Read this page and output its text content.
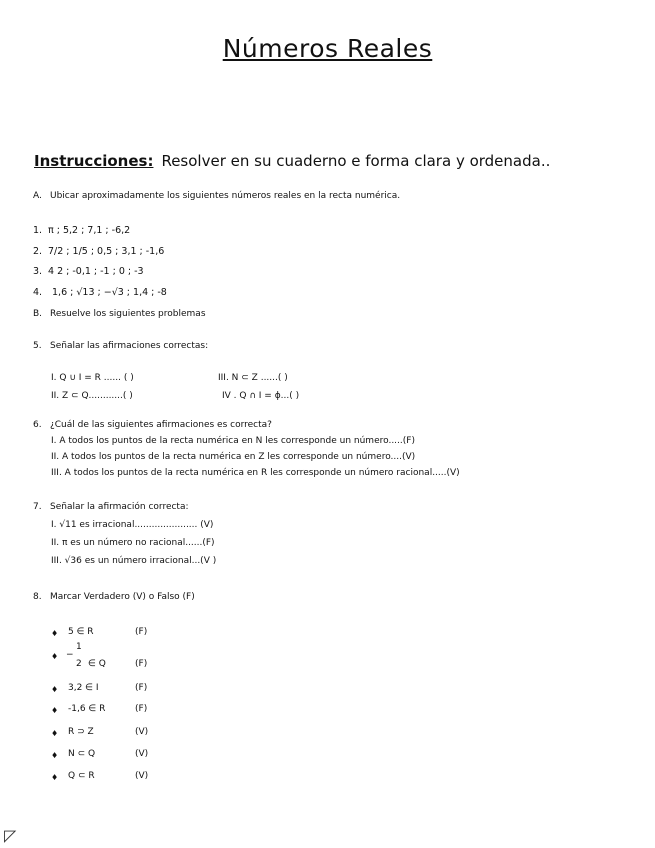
Números Reales
Instrucciones: Resolver en su cuaderno e forma clara y ordenada..
A. Ubicar aproximadamente los siguientes números reales en la recta numérica.
1. π ; 5,2 ; 7,1 ; -6,2
2. 7/2 ; 1/5 ; 0,5 ; 3,1 ; -1,6
3. 4 2 ; -0,1 ; -1 ; 0 ; -3
4. 1,6 ; √13 ; −√3 ; 1,4 ; -8
B. Resuelve los siguientes problemas
5. Señalar las afirmaciones correctas:
I. Q ∪ I = R ...... ( )	III. N ⊂ Z ......( )
II. Z ⊂ Q............( )	IV . Q ∩ I = ϕ...( )
6. ¿Cuál de las siguientes afirmaciones es correcta?
I. A todos los puntos de la recta numérica en N les corresponde un número.....(F)
II. A todos los puntos de la recta numérica en Z les corresponde un número....(V)
III. A todos los puntos de la recta numérica en R les corresponde un número racional.....(V)
7. Señalar la afirmación correcta:
I. √11 es irracional...................... (V)
II. π es un número no racional......(F)
III. √36 es un número irracional...(V )
8. Marcar Verdadero (V) o Falso (F)
♦ 5 ∈ R	(F)
♦ −
1
2 ∈ Q	(F)
♦ 3,2 ∈ I	(F)
♦ -1,6 ∈ R	(F)
♦ R ⊃ Z	(V)
♦ N ⊂ Q	(V)
♦ Q ⊂ R	(V)
◸
